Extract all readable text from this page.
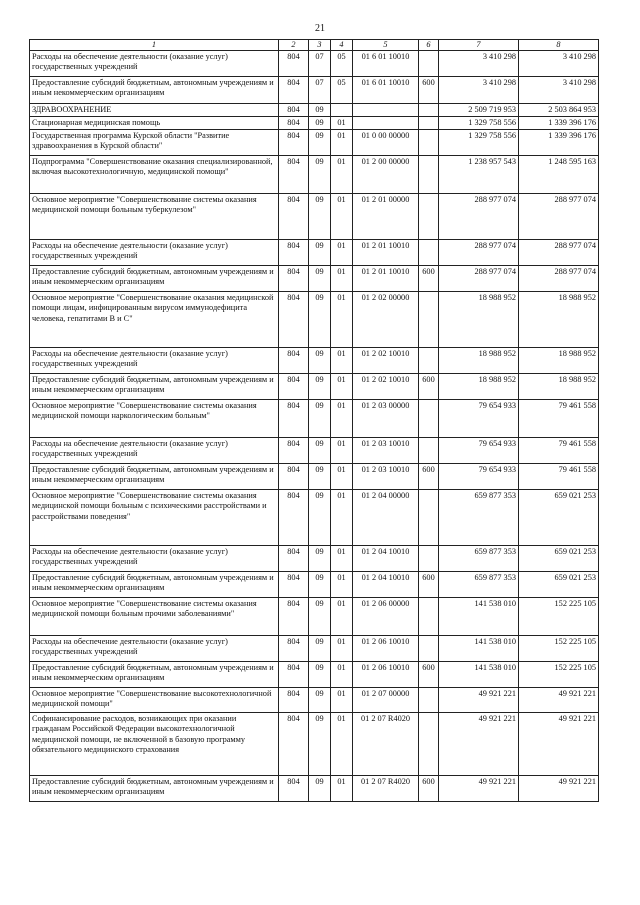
21
1	2	3	4	5	6	7	8
Расходы на обеспечение деятельности (оказание услуг) государственных учреждений	804	07	05	01 6 01 10010		3 410 298	3 410 298
Предоставление субсидий бюджетным, автономным учреждениям и иным некоммерческим организациям	804	07	05	01 6 01 10010	600	3 410 298	3 410 298
ЗДРАВООХРАНЕНИЕ	804	09				2 509 719 953	2 503 864 953
Стационарная медицинская помощь	804	09	01			1 329 758 556	1 339 396 176
Государственная программа Курской области "Развитие здравоохранения в Курской области"	804	09	01	01 0 00 00000		1 329 758 556	1 339 396 176
Подпрограмма "Совершенствование оказания специализированной, включая высокотехнологичную, медицинской помощи"	804	09	01	01 2 00 00000		1 238 957 543	1 248 595 163
Основное мероприятие "Совершенствование системы оказания медицинской помощи больным туберкулезом"	804	09	01	01 2 01 00000		288 977 074	288 977 074
Расходы на обеспечение деятельности (оказание услуг) государственных учреждений	804	09	01	01 2 01 10010		288 977 074	288 977 074
Предоставление субсидий бюджетным, автономным учреждениям и иным некоммерческим организациям	804	09	01	01 2 01 10010	600	288 977 074	288 977 074
Основное мероприятие "Совершенствование оказания медицинской помощи лицам, инфицированным вирусом иммунодефицита человека, гепатитами В и С"	804	09	01	01 2 02 00000		18 988 952	18 988 952
Расходы на обеспечение деятельности (оказание услуг) государственных учреждений	804	09	01	01 2 02 10010		18 988 952	18 988 952
Предоставление субсидий бюджетным, автономным учреждениям и иным некоммерческим организациям	804	09	01	01 2 02 10010	600	18 988 952	18 988 952
Основное мероприятие "Совершенствование системы оказания медицинской помощи наркологическим больным"	804	09	01	01 2 03 00000		79 654 933	79 461 558
Расходы на обеспечение деятельности (оказание услуг) государственных учреждений	804	09	01	01 2 03 10010		79 654 933	79 461 558
Предоставление субсидий бюджетным, автономным учреждениям и иным некоммерческим организациям	804	09	01	01 2 03 10010	600	79 654 933	79 461 558
Основное мероприятие "Совершенствование системы оказания медицинской помощи больным с психическими расстройствами и расстройствами поведения"	804	09	01	01 2 04 00000		659 877 353	659 021 253
Расходы на обеспечение деятельности (оказание услуг) государственных учреждений	804	09	01	01 2 04 10010		659 877 353	659 021 253
Предоставление субсидий бюджетным, автономным учреждениям и иным некоммерческим организациям	804	09	01	01 2 04 10010	600	659 877 353	659 021 253
Основное мероприятие "Совершенствование системы оказания медицинской помощи больным прочими заболеваниями"	804	09	01	01 2 06 00000		141 538 010	152 225 105
Расходы на обеспечение деятельности (оказание услуг) государственных учреждений	804	09	01	01 2 06 10010		141 538 010	152 225 105
Предоставление субсидий бюджетным, автономным учреждениям и иным некоммерческим организациям	804	09	01	01 2 06 10010	600	141 538 010	152 225 105
Основное мероприятие "Совершенствование высокотехнологичной медицинской помощи"	804	09	01	01 2 07 00000		49 921 221	49 921 221
Софинансирование расходов, возникающих при оказании гражданам Российской Федерации высокотехнологичной медицинской помощи, не включенной в базовую программу обязательного медицинского страхования	804	09	01	01 2 07 R4020		49 921 221	49 921 221
Предоставление субсидий бюджетным, автономным учреждениям и иным некоммерческим организациям	804	09	01	01 2 07 R4020	600	49 921 221	49 921 221
